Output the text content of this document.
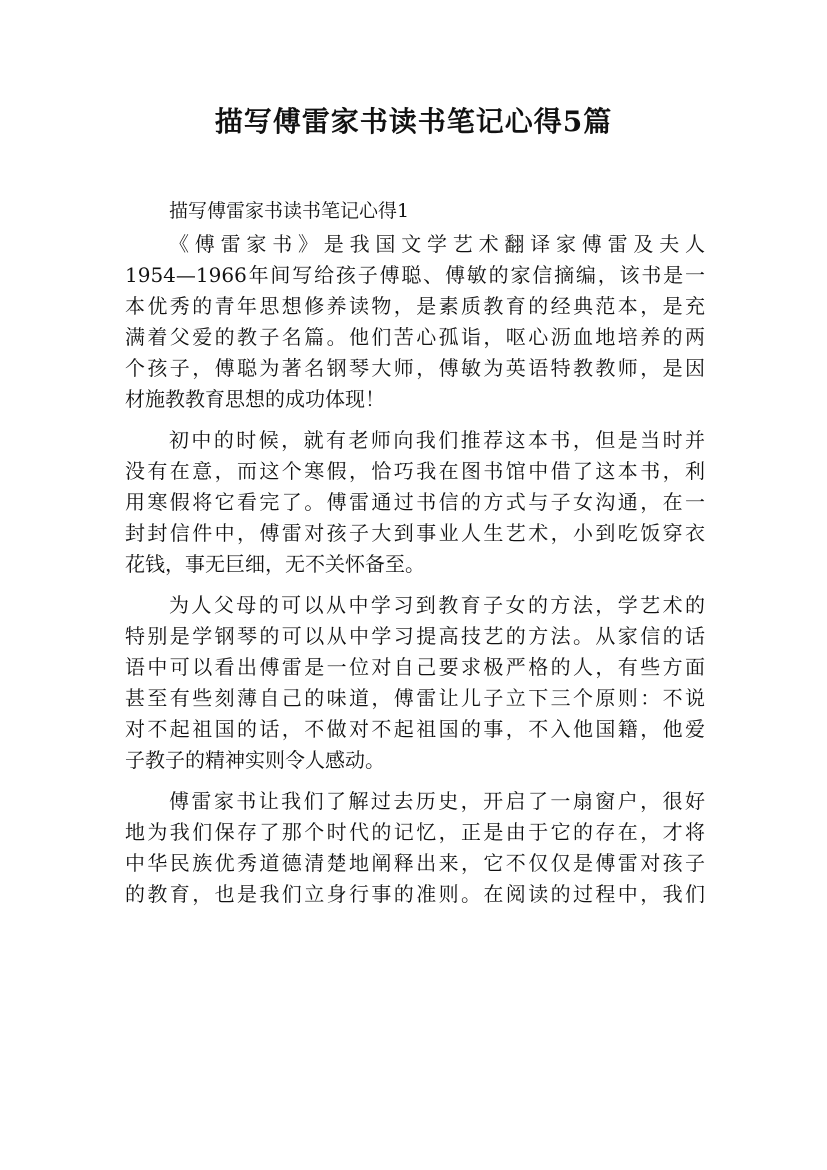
描写傅雷家书读书笔记心得5篇

描写傅雷家书读书笔记心得1

《傅雷家书》是我国文学艺术翻译家傅雷及夫人
1954—1966年间写给孩子傅聪、傅敏的家信摘编，该书是一
本优秀的青年思想修养读物，是素质教育的经典范本，是充
满着父爱的教子名篇。他们苦心孤诣，呕心沥血地培养的两
个孩子，傅聪为著名钢琴大师，傅敏为英语特教教师，是因
材施教教育思想的成功体现！

初中的时候，就有老师向我们推荐这本书，但是当时并
没有在意，而这个寒假，恰巧我在图书馆中借了这本书，利
用寒假将它看完了。傅雷通过书信的方式与子女沟通，在一
封封信件中，傅雷对孩子大到事业人生艺术，小到吃饭穿衣
花钱，事无巨细，无不关怀备至。

为人父母的可以从中学习到教育子女的方法，学艺术的
特别是学钢琴的可以从中学习提高技艺的方法。从家信的话
语中可以看出傅雷是一位对自己要求极严格的人，有些方面
甚至有些刻薄自己的味道，傅雷让儿子立下三个原则：不说
对不起祖国的话，不做对不起祖国的事，不入他国籍，他爱
子教子的精神实则令人感动。

傅雷家书让我们了解过去历史，开启了一扇窗户，很好
地为我们保存了那个时代的记忆，正是由于它的存在，才将
中华民族优秀道德清楚地阐释出来，它不仅仅是傅雷对孩子
的教育，也是我们立身行事的准则。在阅读的过程中，我们
